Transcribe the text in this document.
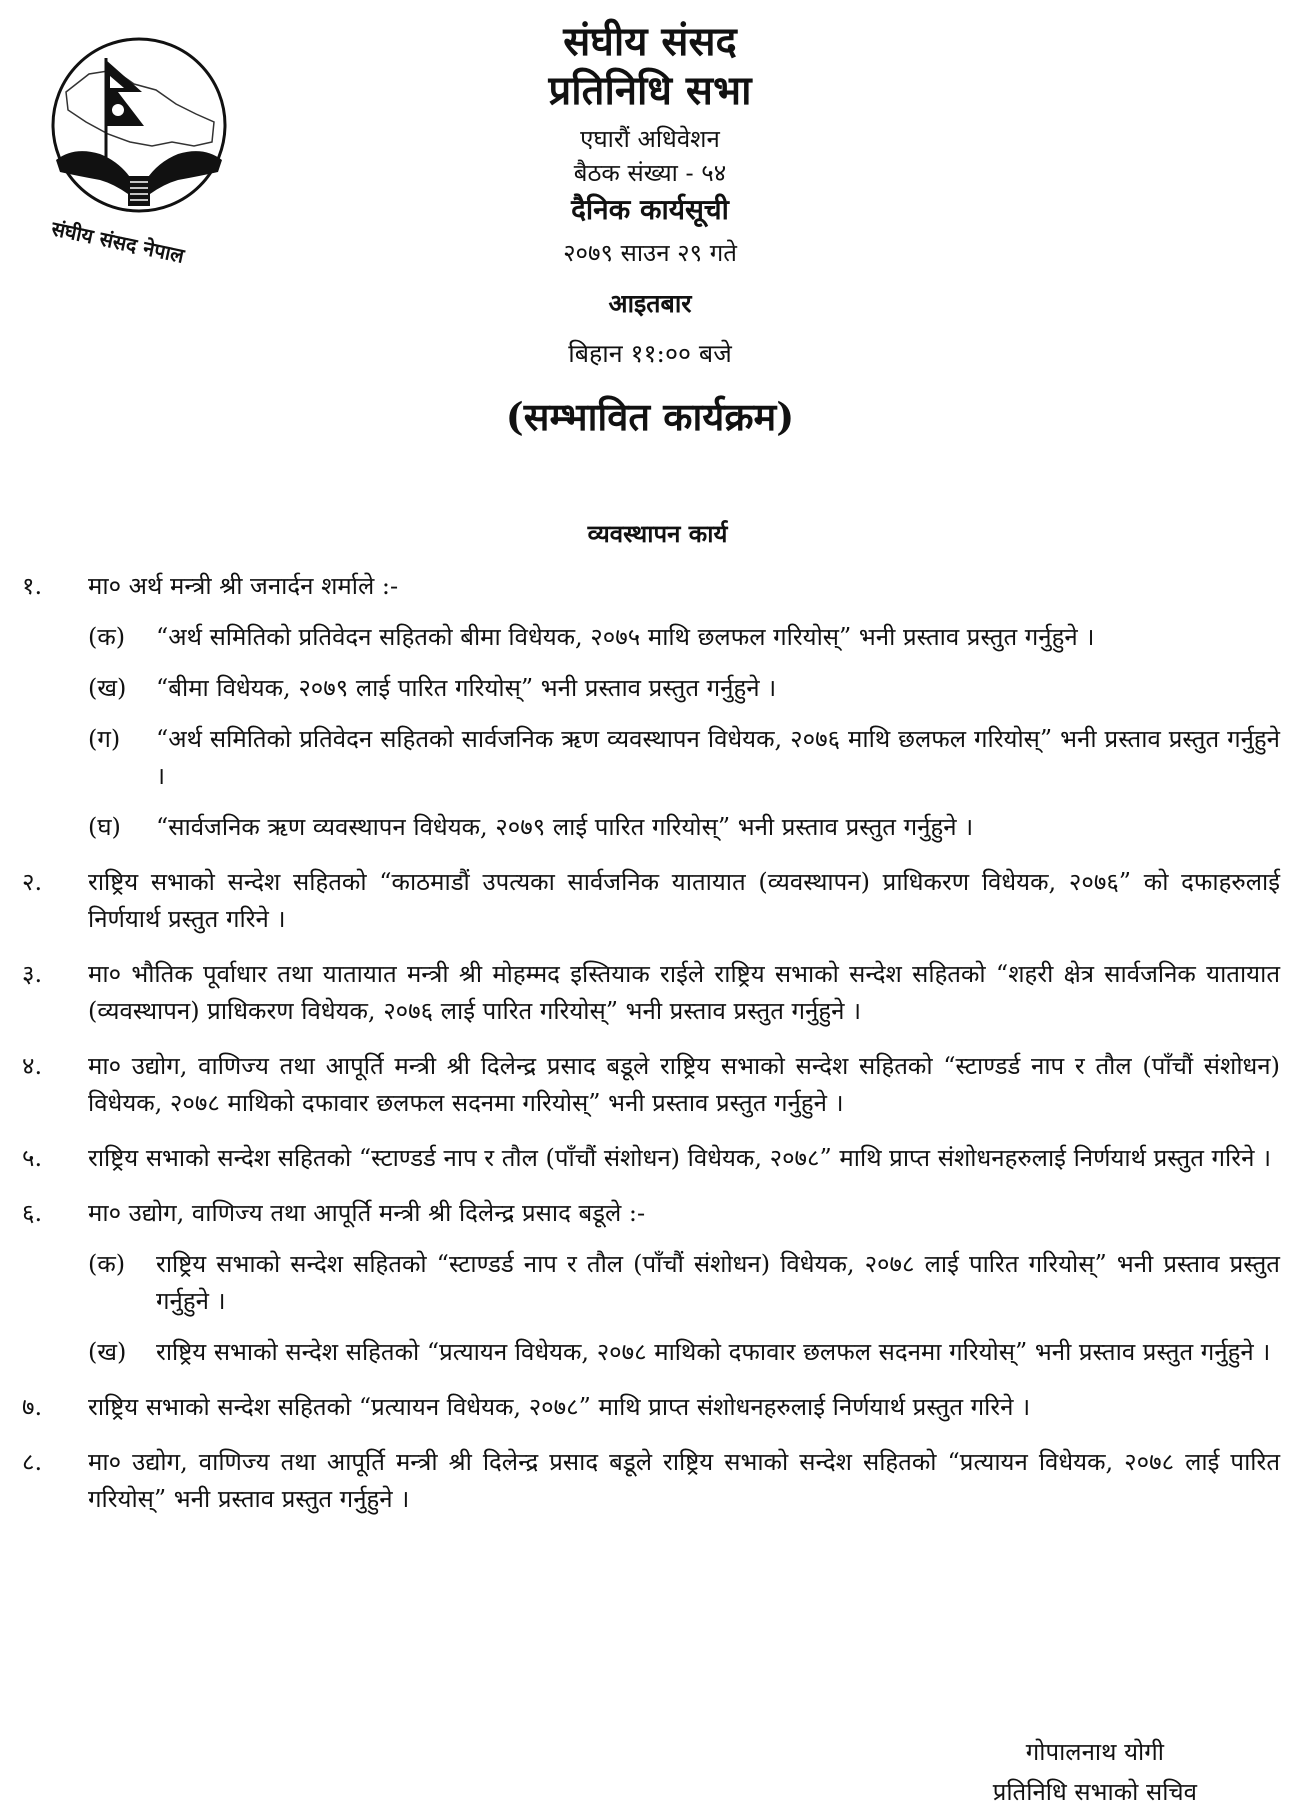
संघीय संसद नेपाल
संघीय संसद
प्रतिनिधि सभा
एघारौं अधिवेशन
बैठक संख्या - ५४
दैनिक कार्यसूची
२०७९ साउन २९ गते
आइतबार
बिहान ११:०० बजे
(सम्भावित कार्यक्रम)
व्यवस्थापन कार्य
१.	मा० अर्थ मन्त्री श्री जनार्दन शर्माले :-
(क)	“अर्थ समितिको प्रतिवेदन सहितको बीमा विधेयक, २०७५ माथि छलफल गरियोस्” भनी प्रस्ताव प्रस्तुत गर्नुहुने ।
(ख)	“बीमा विधेयक, २०७९ लाई पारित गरियोस्” भनी प्रस्ताव प्रस्तुत गर्नुहुने ।
(ग)	“अर्थ समितिको प्रतिवेदन सहितको सार्वजनिक ऋण व्यवस्थापन विधेयक, २०७६ माथि छलफल गरियोस्” भनी प्रस्ताव प्रस्तुत गर्नुहुने ।
(घ)	“सार्वजनिक ऋण व्यवस्थापन विधेयक, २०७९ लाई पारित गरियोस्” भनी प्रस्ताव प्रस्तुत गर्नुहुने ।
२.	राष्ट्रिय सभाको सन्देश सहितको “काठमाडौं उपत्यका सार्वजनिक यातायात (व्यवस्थापन) प्राधिकरण विधेयक, २०७६” को दफाहरुलाई निर्णयार्थ प्रस्तुत गरिने ।
३.	मा० भौतिक पूर्वाधार तथा यातायात मन्त्री श्री मोहम्मद इस्तियाक राईले राष्ट्रिय सभाको सन्देश सहितको “शहरी क्षेत्र सार्वजनिक यातायात (व्यवस्थापन) प्राधिकरण विधेयक, २०७६ लाई पारित गरियोस्” भनी प्रस्ताव प्रस्तुत गर्नुहुने ।
४.	मा० उद्योग, वाणिज्य तथा आपूर्ति मन्त्री श्री दिलेन्द्र प्रसाद बडूले राष्ट्रिय सभाको सन्देश सहितको “स्टाण्डर्ड नाप र तौल (पाँचौं संशोधन) विधेयक, २०७८ माथिको दफावार छलफल सदनमा गरियोस्” भनी प्रस्ताव प्रस्तुत गर्नुहुने ।
५.	राष्ट्रिय सभाको सन्देश सहितको “स्टाण्डर्ड नाप र तौल (पाँचौं संशोधन) विधेयक, २०७८” माथि प्राप्त संशोधनहरुलाई निर्णयार्थ प्रस्तुत गरिने ।
६.	मा० उद्योग, वाणिज्य तथा आपूर्ति मन्त्री श्री दिलेन्द्र प्रसाद बडूले :-
(क)	राष्ट्रिय सभाको सन्देश सहितको “स्टाण्डर्ड नाप र तौल (पाँचौं संशोधन) विधेयक, २०७८ लाई पारित गरियोस्” भनी प्रस्ताव प्रस्तुत गर्नुहुने ।
(ख)	राष्ट्रिय सभाको सन्देश सहितको “प्रत्यायन विधेयक, २०७८ माथिको दफावार छलफल सदनमा गरियोस्” भनी प्रस्ताव प्रस्तुत गर्नुहुने ।
७.	राष्ट्रिय सभाको सन्देश सहितको “प्रत्यायन विधेयक, २०७८” माथि प्राप्त संशोधनहरुलाई निर्णयार्थ प्रस्तुत गरिने ।
८.	मा० उद्योग, वाणिज्य तथा आपूर्ति मन्त्री श्री दिलेन्द्र प्रसाद बडूले राष्ट्रिय सभाको सन्देश सहितको “प्रत्यायन विधेयक, २०७८ लाई पारित गरियोस्” भनी प्रस्ताव प्रस्तुत गर्नुहुने ।
गोपालनाथ योगी
प्रतिनिधि सभाको सचिव
